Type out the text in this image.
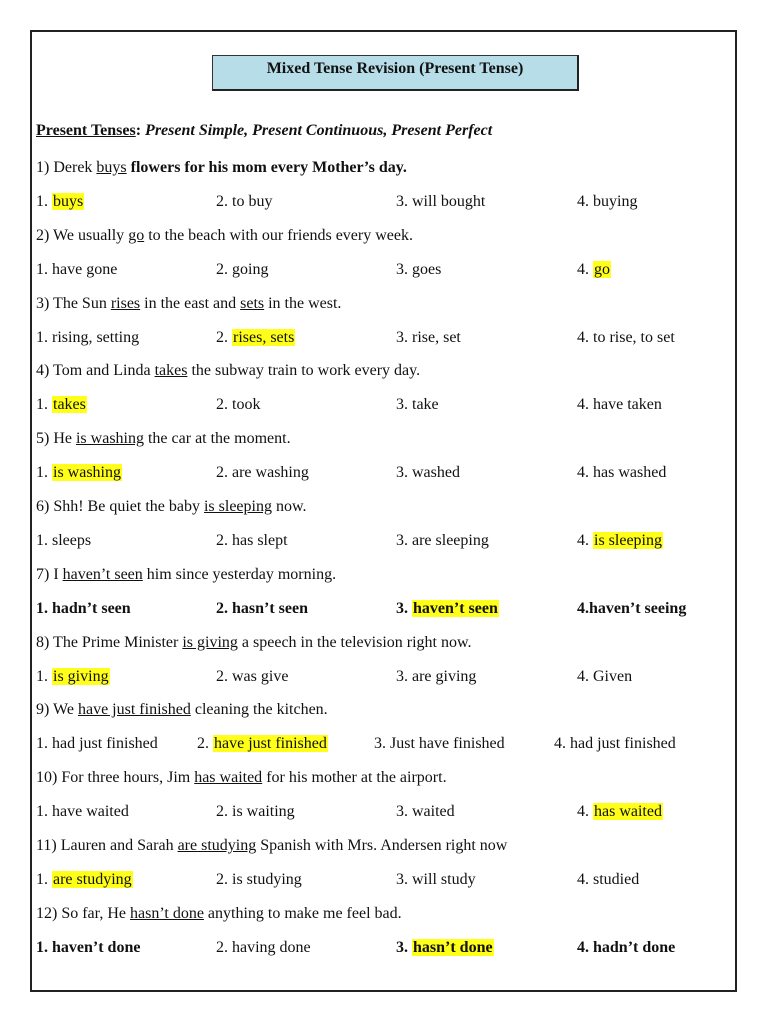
Mixed Tense Revision (Present Tense)
Present Tenses: Present Simple, Present Continuous, Present Perfect
1) Derek buys flowers for his mom every Mother’s day.
1. buys	2. to buy	3. will bought	4. buying
2) We usually go to the beach with our friends every week.
1. have gone	2. going	3. goes	4. go
3) The Sun rises in the east and sets in the west.
1. rising, setting	2. rises, sets	3. rise, set	4. to rise, to set
4) Tom and Linda takes the subway train to work every day.
1. takes	2. took	3. take	4. have taken
5) He is washing the car at the moment.
1. is washing	2. are washing	3. washed	4. has washed
6) Shh! Be quiet the baby is sleeping now.
1. sleeps	2. has slept	3. are sleeping	4. is sleeping
7) I haven’t seen him since yesterday morning.
1. hadn’t seen	2. hasn’t seen	3. haven’t seen	4.haven’t seeing
8) The Prime Minister is giving a speech in the television right now.
1. is giving	2. was give	3. are giving	4. Given
9) We have just finished cleaning the kitchen.
1. had just finished 2. have just finished	3. Just have finished	4. had just finished
10) For three hours, Jim has waited for his mother at the airport.
1. have waited	2. is waiting	3. waited	4. has waited
11) Lauren and Sarah are studying Spanish with Mrs. Andersen right now
1. are studying	2. is studying	3. will study	4. studied
12) So far, He hasn’t done anything to make me feel bad.
1. haven’t done	2. having done	3. hasn’t done	4. hadn’t done
